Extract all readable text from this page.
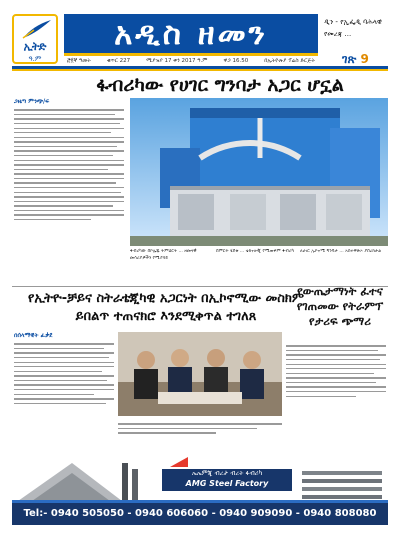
ኢትድ
ዓ.ም
አዲስ ዘመን
፸፬ኛ ዓመት	ቁጥር 227	ሚያዝያ 17 ቀን 2017 ዓ.ም	ዋጋ 16.50	በኢትዮጵያ ፕሬስ ድርጅት
ዲን - የኢፌዲ ባሕላዊ የመረጃ ...
ገጽ 9
ፋብሪካው የሀገር ግንባታ አጋር ሆኗል
ጋዜጣ ምንጭ/ፍ
ፋብሪካው በኮሌጁ ትምህርት ... ዘመናዊ መሳሪያዎችን የሚያሳይ
በምርት ሂደቱ ... ቴክኖሎጂ የሚጠቀም ፋብሪካ	ለሀገር ኢኮኖሚ ግንባታ ... አስተዋጽኦ ያበረክታል
የኢትዮ-ቻይና ስትራቴጂካዊ አጋርነት በኢኮኖሚው መስክም ይበልጥ ተጠናክሮ እንደሚቀጥል ተገለጸ
በሰላማዊት ፈቃደ
የውጤታማነት ፈተና የገጠመው የትራምፕ የታሪፍ ጭማሪ
ኤኤምጂ ብረታ ብረት ፋብሪካ
AMG Steel Factory
Tel:- 0940 505050 - 0940 606060 - 0940 909090 - 0940 808080 -0920 656565
